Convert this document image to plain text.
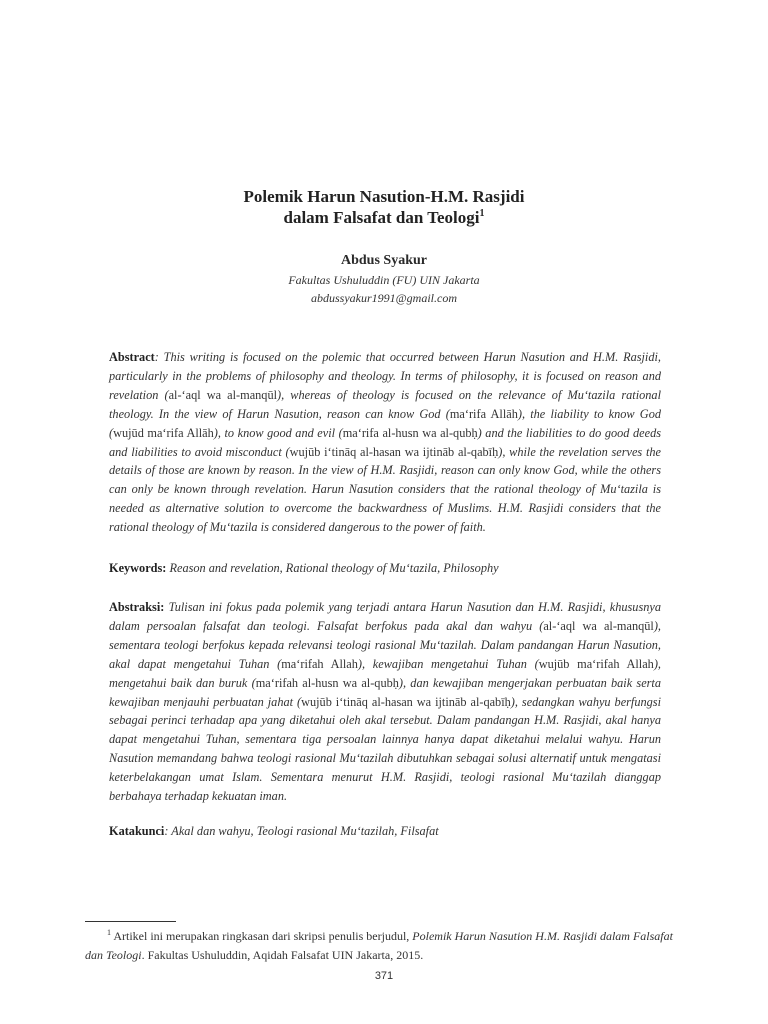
Polemik Harun Nasution-H.M. Rasjidi
dalam Falsafat dan Teologi$^1$
Abdus Syakur
Fakultas Ushuluddin (FU) UIN Jakarta
abdussyakur1991@gmail.com
Abstract: This writing is focused on the polemic that occurred between Harun Nasution and H.M. Rasjidi, particularly in the problems of philosophy and theology. In terms of philosophy, it is focused on reason and revelation (al-‘aql wa al-manqūl), whereas of theology is focused on the relevance of Mu‘tazila rational theology. In the view of Harun Nasution, reason can know God (ma‘rifa Allāh), the liability to know God (wujūd ma‘rifa Allāh), to know good and evil (ma‘rifa al-husn wa al-qubḥ) and the liabilities to do good deeds and liabilities to avoid misconduct (wujūb i‘tināq al-hasan wa ijtināb al-qabīḥ), while the revelation serves the details of those are known by reason. In the view of H.M. Rasjidi, reason can only know God, while the others can only be known through revelation. Harun Nasution considers that the rational theology of Mu‘tazila is needed as alternative solution to overcome the backwardness of Muslims. H.M. Rasjidi considers that the rational theology of Mu‘tazila is considered dangerous to the power of faith.
Keywords: Reason and revelation, Rational theology of Mu‘tazila, Philosophy
Abstraksi: Tulisan ini fokus pada polemik yang terjadi antara Harun Nasution dan H.M. Rasjidi, khususnya dalam persoalan falsafat dan teologi. Falsafat berfokus pada akal dan wahyu (al-‘aql wa al-manqūl), sementara teologi berfokus kepada relevansi teologi rasional Mu‘tazilah. Dalam pandangan Harun Nasution, akal dapat mengetahui Tuhan (ma‘rifah Allah), kewajiban mengetahui Tuhan (wujūb ma‘rifah Allah), mengetahui baik dan buruk (ma‘rifah al-husn wa al-qubḥ), dan kewajiban mengerjakan perbuatan baik serta kewajiban menjauhi perbuatan jahat (wujūb i‘tināq al-hasan wa ijtināb al-qabīḥ), sedangkan wahyu berfungsi sebagai perinci terhadap apa yang diketahui oleh akal tersebut. Dalam pandangan H.M. Rasjidi, akal hanya dapat mengetahui Tuhan, sementara tiga persoalan lainnya hanya dapat diketahui melalui wahyu. Harun Nasution memandang bahwa teologi rasional Mu‘tazilah dibutuhkan sebagai solusi alternatif untuk mengatasi keterbelakangan umat Islam. Sementara menurut H.M. Rasjidi, teologi rasional Mu‘tazilah dianggap berbahaya terhadap kekuatan iman.
Katakunci: Akal dan wahyu, Teologi rasional Mu‘tazilah, Filsafat
$^1$ Artikel ini merupakan ringkasan dari skripsi penulis berjudul, Polemik Harun Nasution H.M. Rasjidi dalam Falsafat dan Teologi. Fakultas Ushuluddin, Aqidah Falsafat UIN Jakarta, 2015.
371
